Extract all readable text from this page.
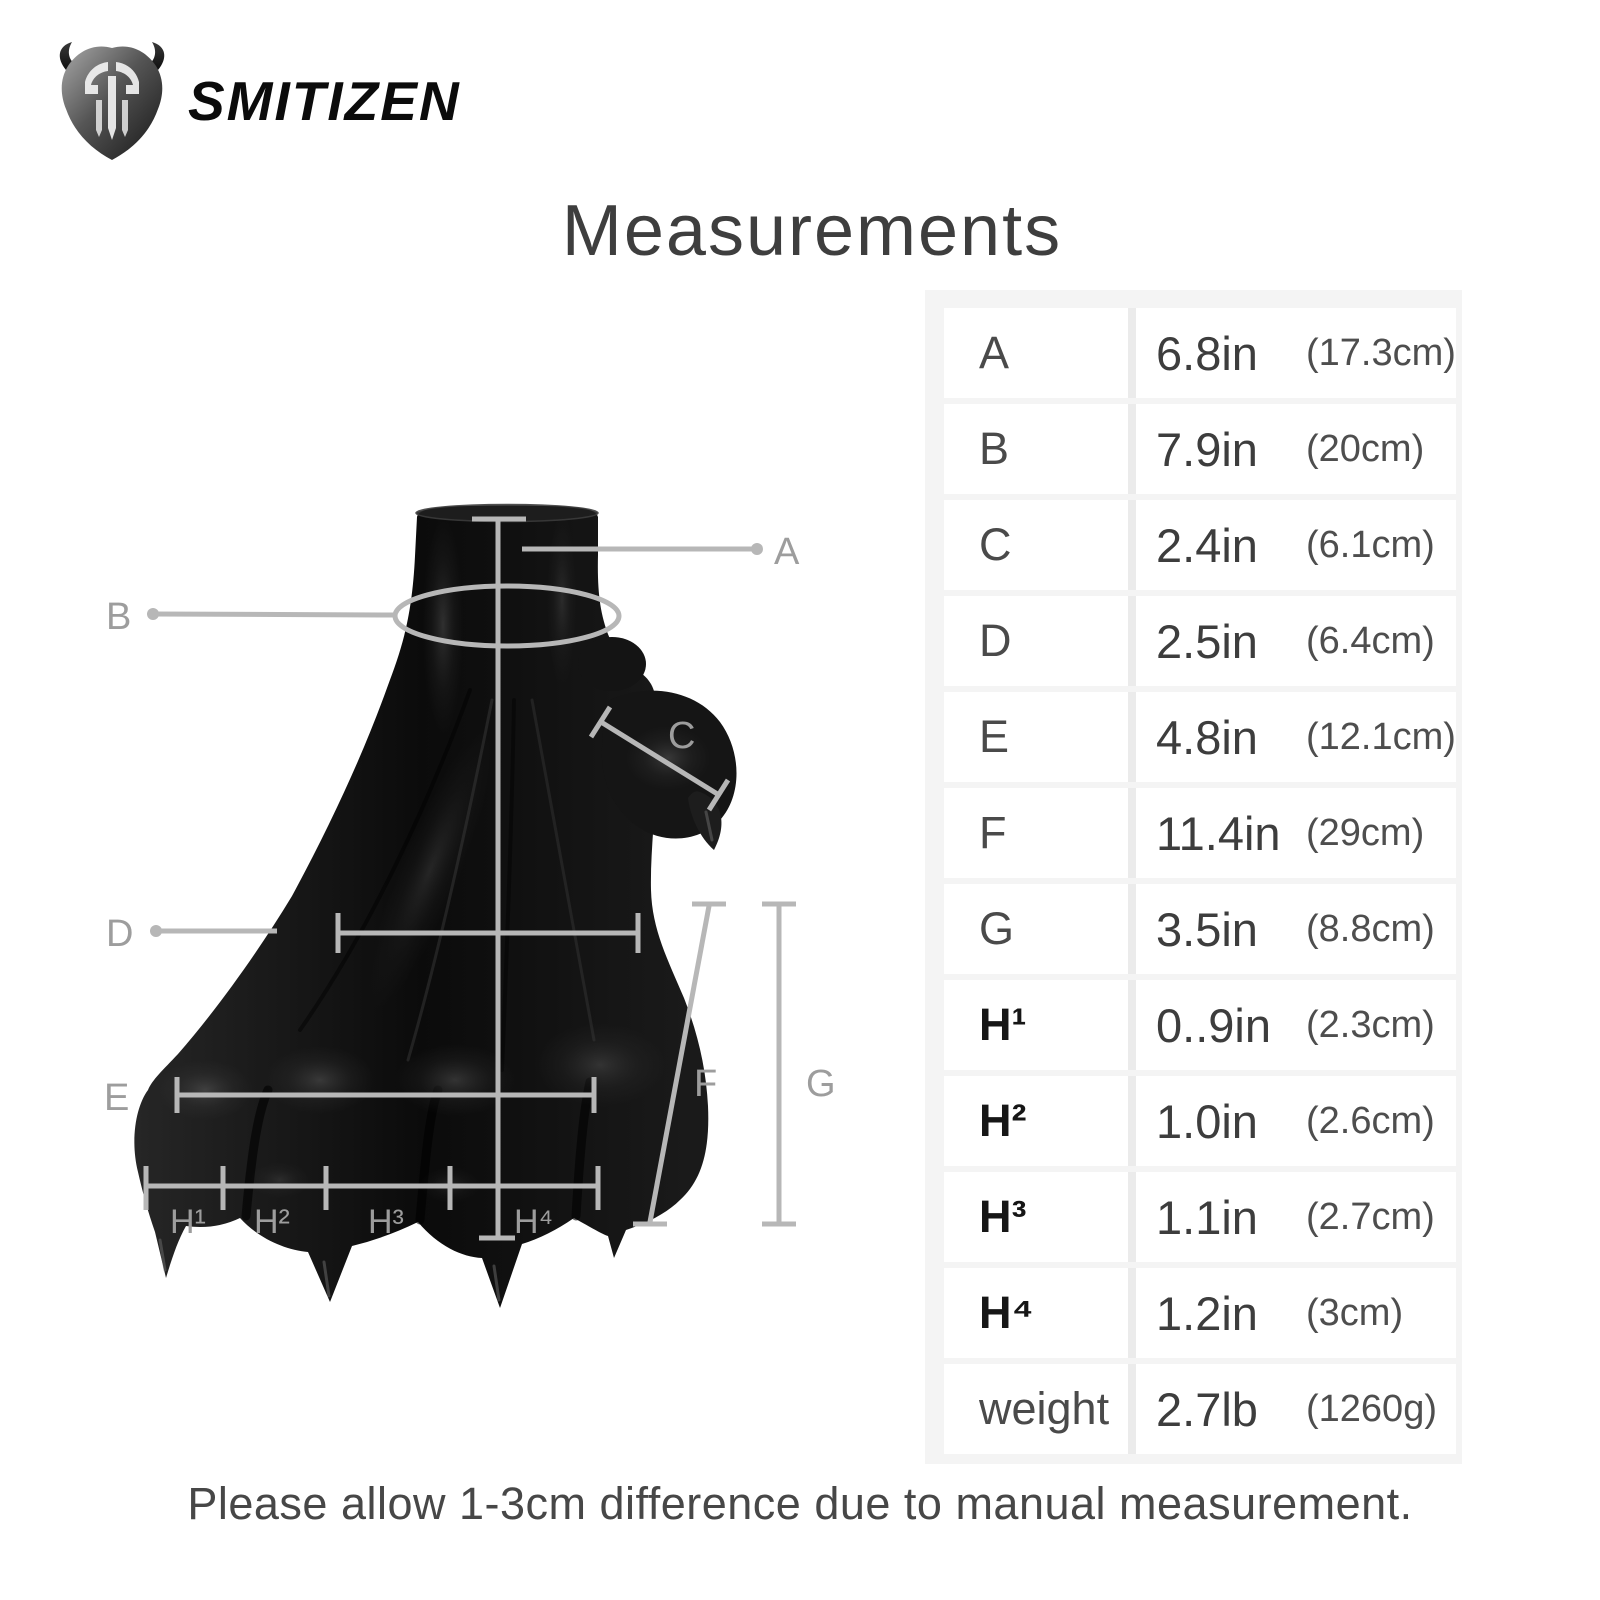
SMITIZEN
Measurements
A
B
C
D
E	F G
H¹ H² H³	H⁴
A	6.8in	(17.3cm)
B	7.9in	(20cm)
C	2.4in	(6.1cm)
D	2.5in	(6.4cm)
E	4.8in	(12.1cm)
F	11.4in (29cm)
G	3.5in	(8.8cm)
H¹	0..9in (2.3cm)
H²	1.0in	(2.6cm)
H³	1.1in	(2.7cm)
H⁴	1.2in	(3cm)
weight 2.7lb	(1260g)
Please allow 1-3cm difference due to manual measurement.
